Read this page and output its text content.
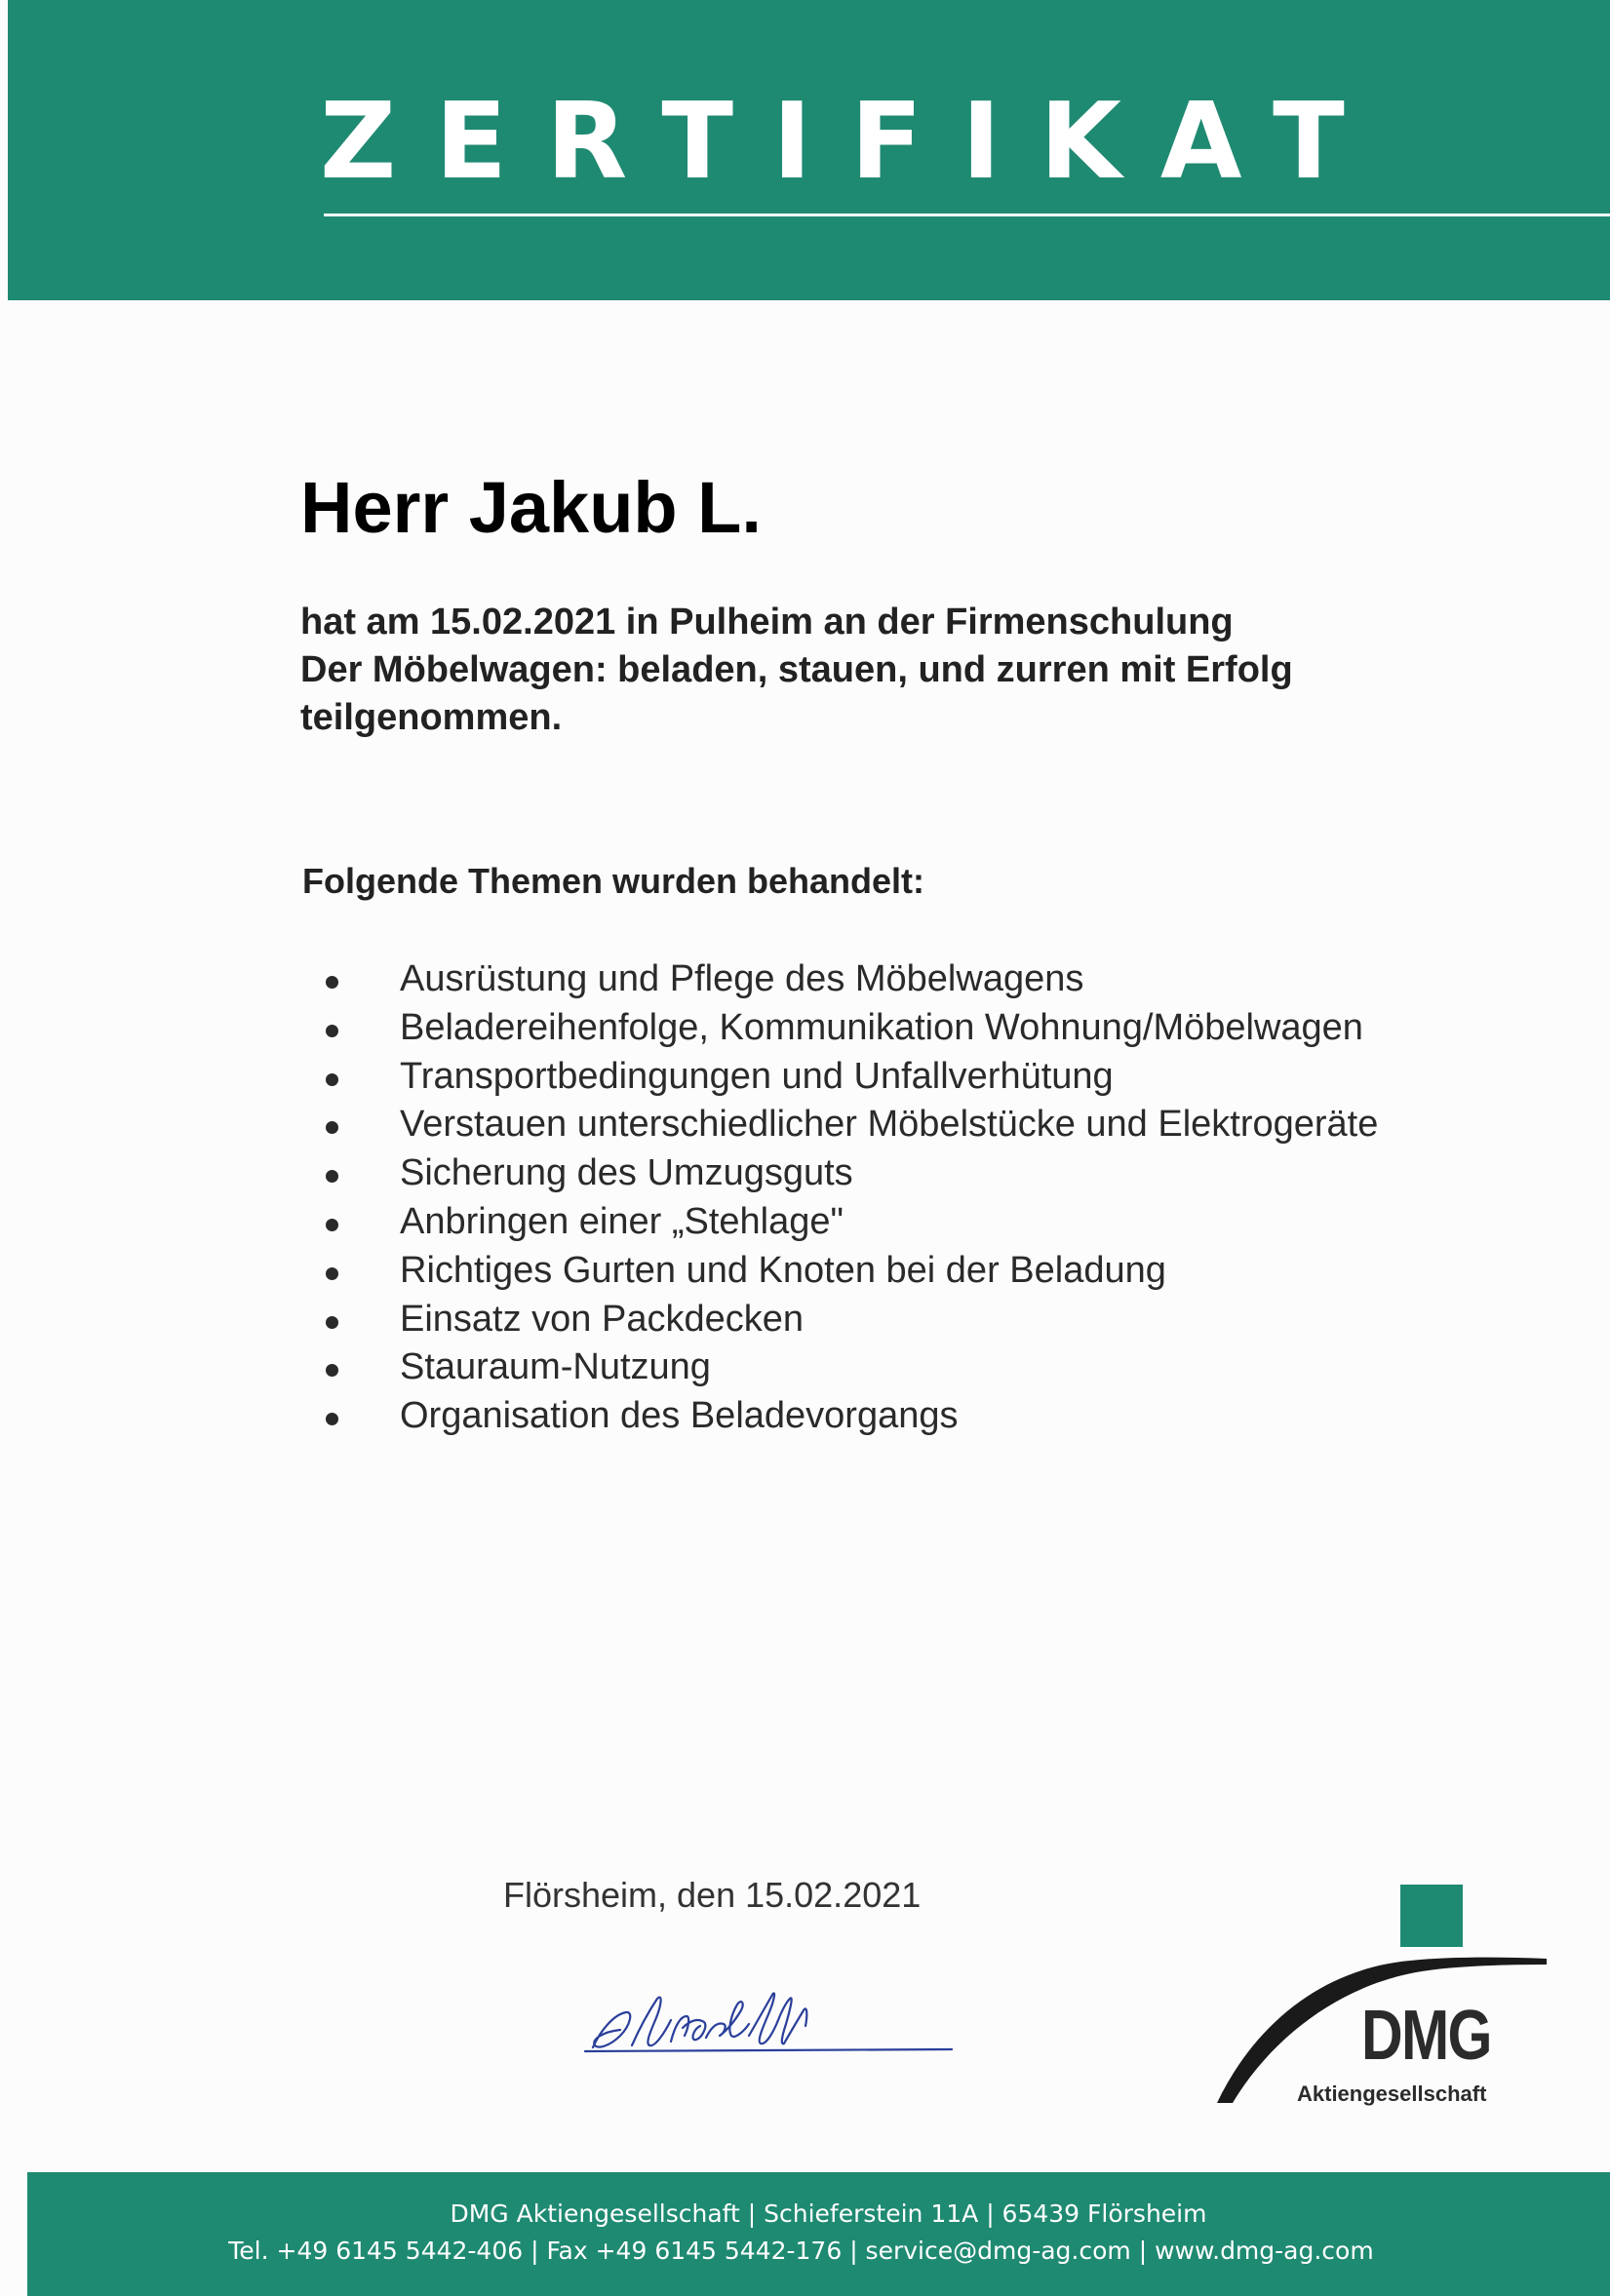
ZERTIFIKAT
Herr Jakub L.
hat am 15.02.2021 in Pulheim an der Firmenschulung
Der Möbelwagen: beladen, stauen, und zurren mit Erfolg
teilgenommen.
Folgende Themen wurden behandelt:
Ausrüstung und Pflege des Möbelwagens
Beladereihenfolge, Kommunikation Wohnung/Möbelwagen
Transportbedingungen und Unfallverhütung
Verstauen unterschiedlicher Möbelstücke und Elektrogeräte
Sicherung des Umzugsguts
Anbringen einer „Stehlage"
Richtiges Gurten und Knoten bei der Beladung
Einsatz von Packdecken
Stauraum-Nutzung
Organisation des Beladevorgangs
Flörsheim, den 15.02.2021
DMG
Aktiengesellschaft
DMG Aktiengesellschaft | Schieferstein 11A | 65439 Flörsheim
Tel. +49 6145 5442-406 | Fax +49 6145 5442-176 | service@dmg-ag.com | www.dmg-ag.com
